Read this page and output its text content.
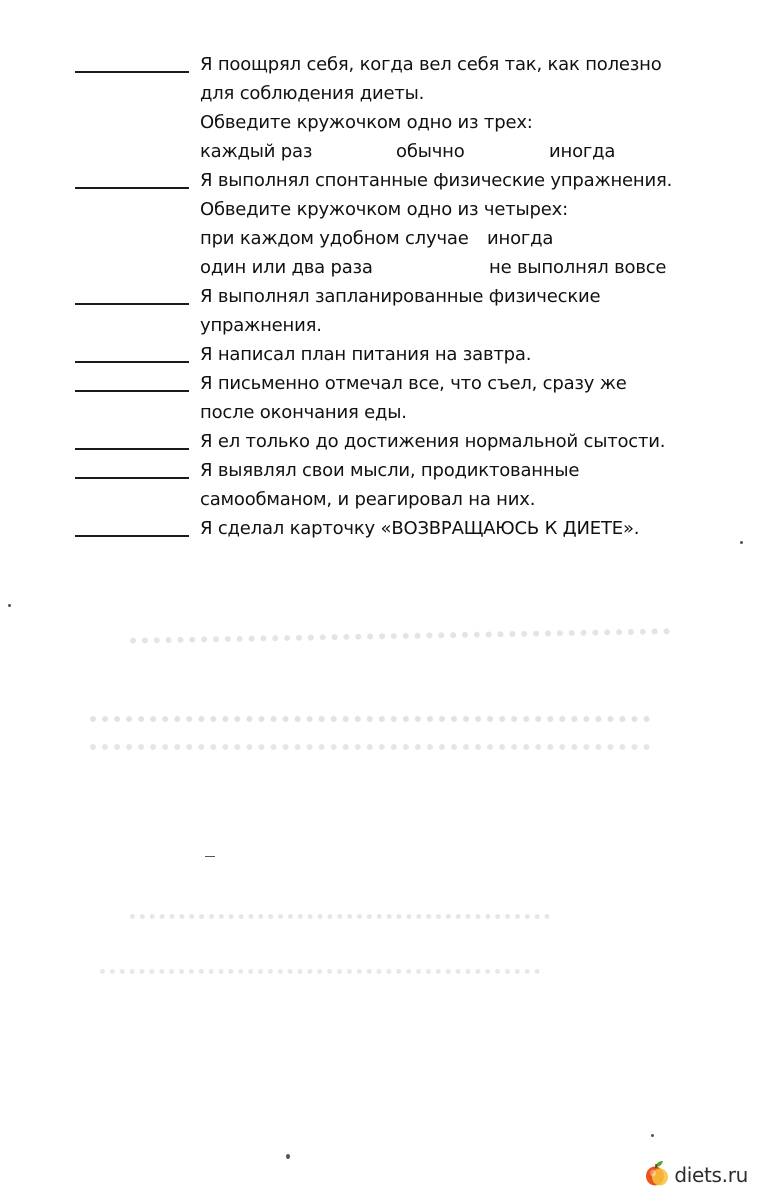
Я поощрял себя, когда вел себя так, как полезно
для соблюдения диеты.
Обведите кружочком одно из трех:
каждый раз	обычно	иногда
Я выполнял спонтанные физические упражнения.
Обведите кружочком одно из четырех:
при каждом удобном случае иногда
один или два раза	не выполнял вовсе
Я выполнял запланированные физические
упражнения.
Я написал план питания на завтра.
Я письменно отмечал все, что съел, сразу же
после окончания еды.
Я ел только до достижения нормальной сытости.
Я выявлял свои мысли, продиктованные
самообманом, и реагировал на них.
Я сделал карточку «ВОЗВРАЩАЮСЬ К ДИЕТЕ».
diets.ru
